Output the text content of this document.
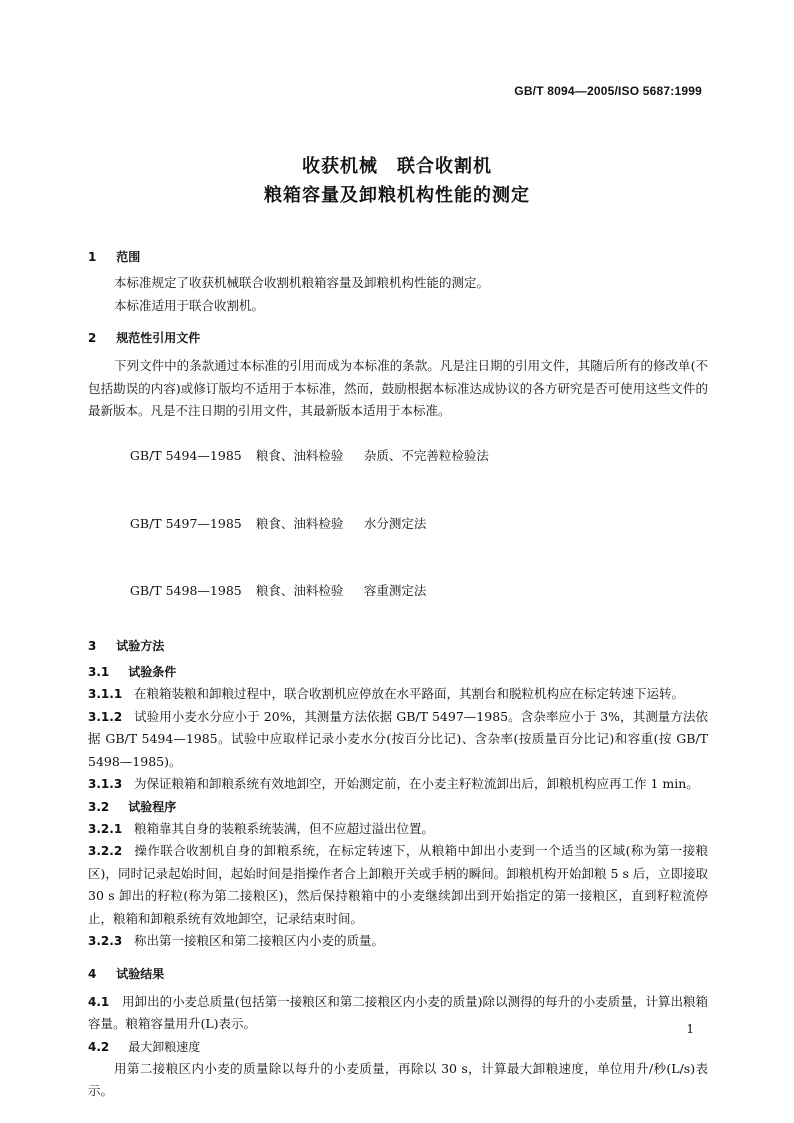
GB/T 8094—2005/ISO 5687:1999
收获机械　联合收割机
粮箱容量及卸粮机构性能的测定
1 范围

本标准规定了收获机械联合收割机粮箱容量及卸粮机构性能的测定。

本标准适用于联合收割机。

2 规范性引用文件

下列文件中的条款通过本标准的引用而成为本标准的条款。凡是注日期的引用文件，其随后所有的修改单(不包括勘误的内容)或修订版均不适用于本标准，然而，鼓励根据本标准达成协议的各方研究是否可使用这些文件的最新版本。凡是不注日期的引用文件，其最新版本适用于本标准。

GB/T 5494—1985 粮食、油料检验 杂质、不完善粒检验法

GB/T 5497—1985 粮食、油料检验 水分测定法

GB/T 5498—1985 粮食、油料检验 容重测定法

3 试验方法
3.1 试验条件

3.1.1 在粮箱装粮和卸粮过程中，联合收割机应停放在水平路面，其割台和脱粒机构应在标定转速下运转。

3.1.2 试验用小麦水分应小于 20%，其测量方法依据 GB/T 5497—1985。含杂率应小于 3%，其测量方法依据 GB/T 5494—1985。试验中应取样记录小麦水分(按百分比记)、含杂率(按质量百分比记)和容重(按 GB/T 5498—1985)。

3.1.3 为保证粮箱和卸粮系统有效地卸空，开始测定前，在小麦主籽粒流卸出后，卸粮机构应再工作 1 min。

3.2 试验程序

3.2.1 粮箱靠其自身的装粮系统装满，但不应超过溢出位置。

3.2.2 操作联合收割机自身的卸粮系统，在标定转速下，从粮箱中卸出小麦到一个适当的区域(称为第一接粮区)，同时记录起始时间，起始时间是指操作者合上卸粮开关或手柄的瞬间。卸粮机构开始卸粮 5 s 后，立即接取 30 s 卸出的籽粒(称为第二接粮区)，然后保持粮箱中的小麦继续卸出到开始指定的第一接粮区，直到籽粒流停止，粮箱和卸粮系统有效地卸空，记录结束时间。

3.2.3 称出第一接粮区和第二接粮区内小麦的质量。

4 试验结果

4.1 用卸出的小麦总质量(包括第一接粮区和第二接粮区内小麦的质量)除以测得的每升的小麦质量，计算出粮箱容量。粮箱容量用升(L)表示。

4.2 最大卸粮速度

用第二接粮区内小麦的质量除以每升的小麦质量，再除以 30 s，计算最大卸粮速度，单位用升/秒(L/s)表示。

1
